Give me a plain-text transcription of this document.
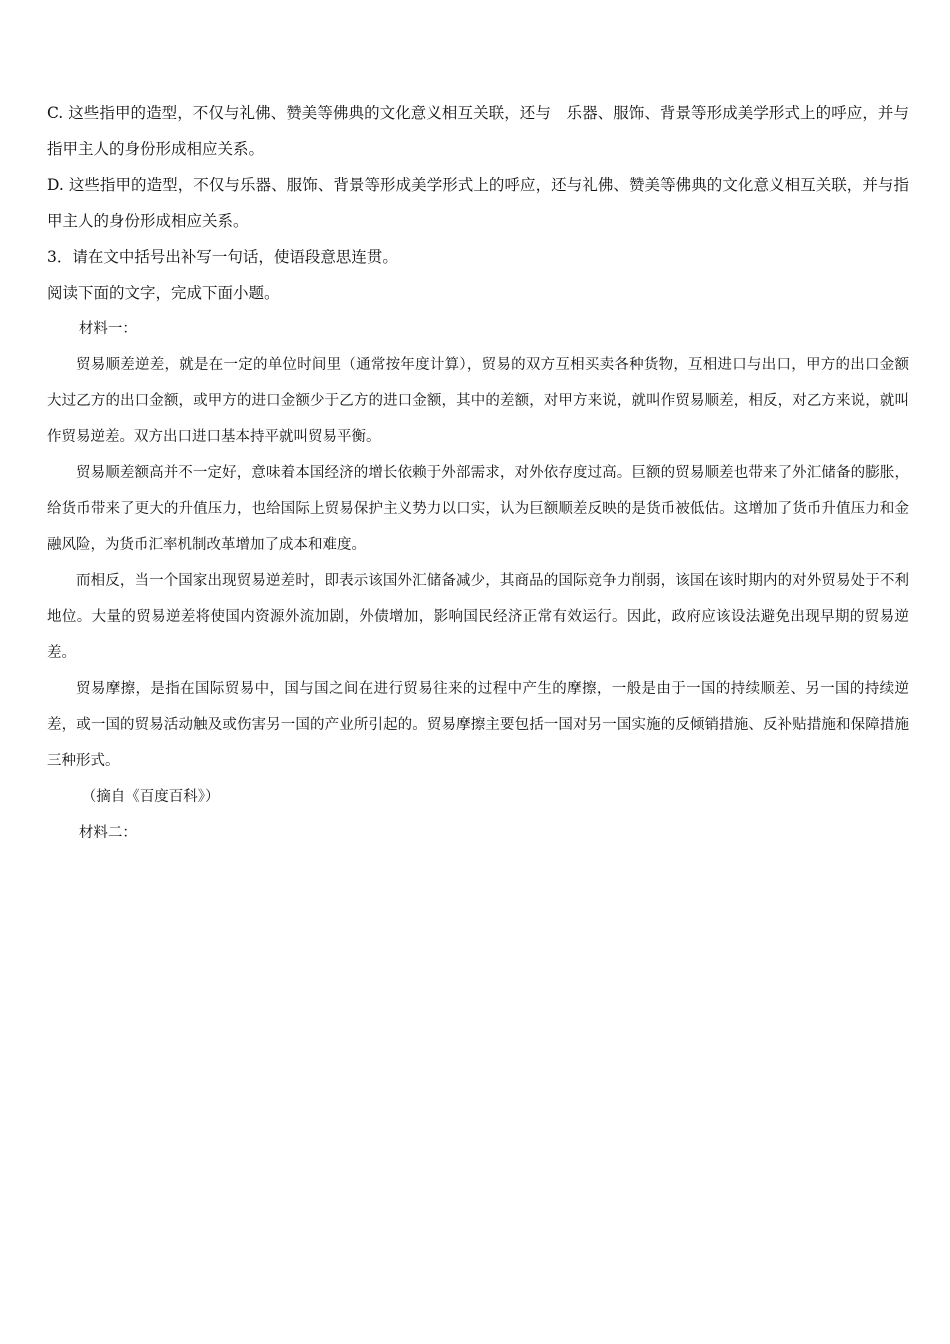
C. 这些指甲的造型，不仅与礼佛、赞美等佛典的文化意义相互关联，还与　乐器、服饰、背景等形成美学形式上的呼应，并与指甲主人的身份形成相应关系。

D. 这些指甲的造型，不仅与乐器、服饰、背景等形成美学形式上的呼应，还与礼佛、赞美等佛典的文化意义相互关联，并与指甲主人的身份形成相应关系。

3．请在文中括号出补写一句话，使语段意思连贯。

阅读下面的文字，完成下面小题。

材料一：

贸易顺差逆差，就是在一定的单位时间里（通常按年度计算），贸易的双方互相买卖各种货物，互相进口与出口，甲方的出口金额大过乙方的出口金额，或甲方的进口金额少于乙方的进口金额，其中的差额，对甲方来说，就叫作贸易顺差，相反，对乙方来说，就叫作贸易逆差。双方出口进口基本持平就叫贸易平衡。

贸易顺差额高并不一定好，意味着本国经济的增长依赖于外部需求，对外依存度过高。巨额的贸易顺差也带来了外汇储备的膨胀，给货币带来了更大的升值压力，也给国际上贸易保护主义势力以口实，认为巨额顺差反映的是货币被低估。这增加了货币升值压力和金融风险，为货币汇率机制改革增加了成本和难度。

而相反，当一个国家出现贸易逆差时，即表示该国外汇储备减少，其商品的国际竞争力削弱，该国在该时期内的对外贸易处于不利地位。大量的贸易逆差将使国内资源外流加剧，外债增加，影响国民经济正常有效运行。因此，政府应该设法避免出现早期的贸易逆差。

贸易摩擦，是指在国际贸易中，国与国之间在进行贸易往来的过程中产生的摩擦，一般是由于一国的持续顺差、另一国的持续逆差，或一国的贸易活动触及或伤害另一国的产业所引起的。贸易摩擦主要包括一国对另一国实施的反倾销措施、反补贴措施和保障措施三种形式。

（摘自《百度百科》）

材料二：
